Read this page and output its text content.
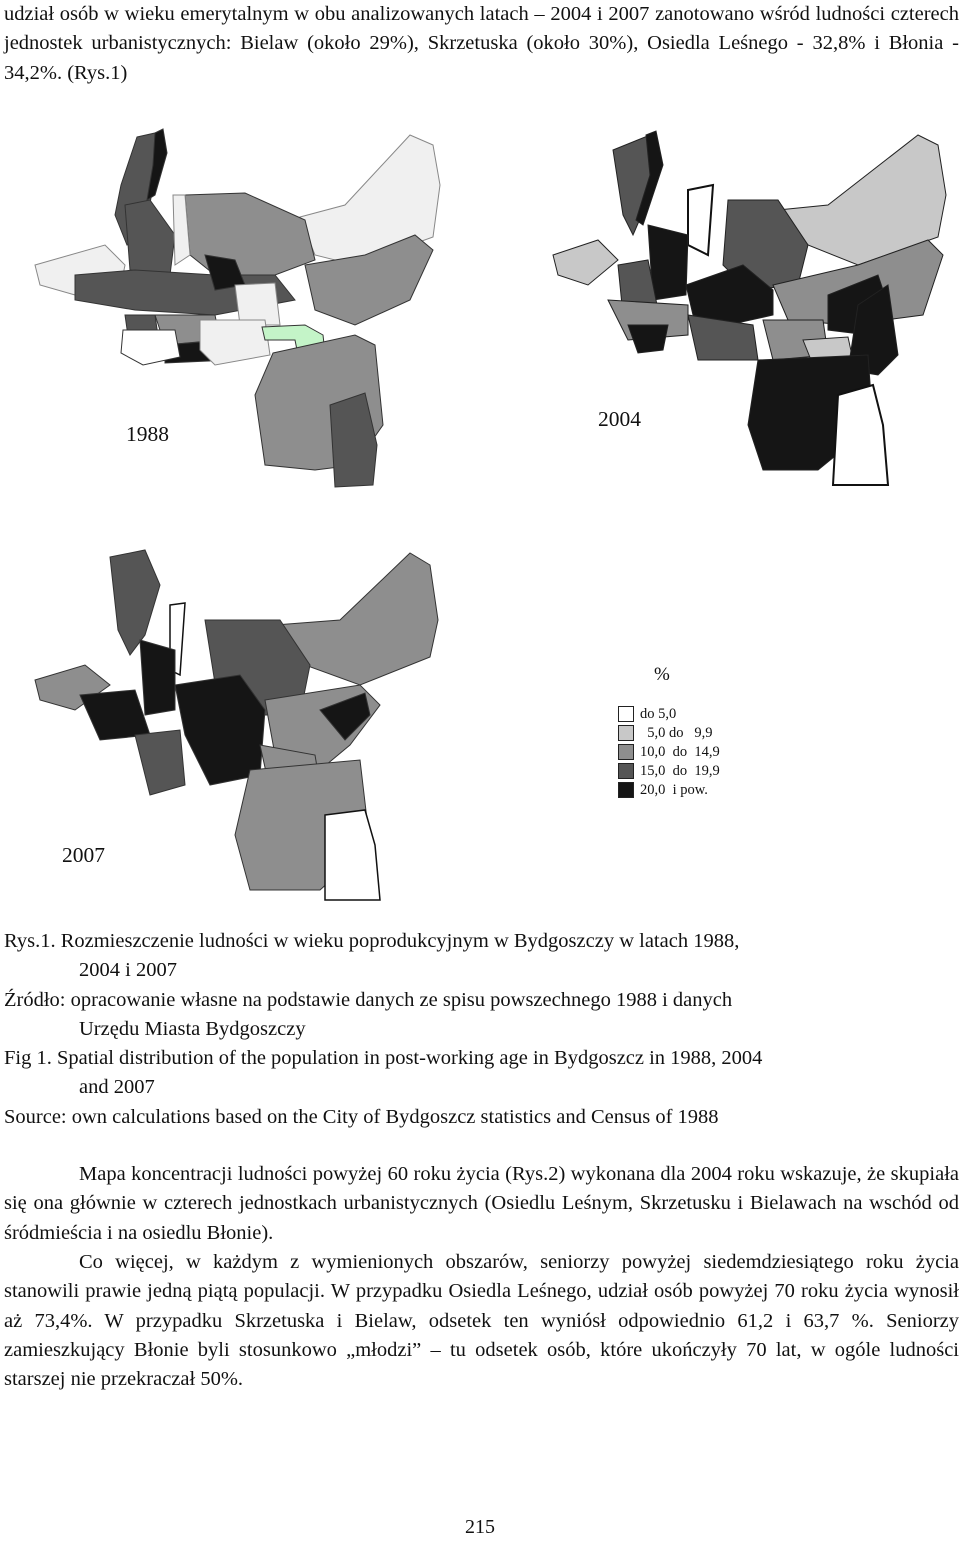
udział osób w wieku emerytalnym w obu analizowanych latach – 2004 i 2007 zanotowano wśród ludności czterech jednostek urbanistycznych: Bielaw (około 29%), Skrzetuska (około 30%), Osiedla Leśnego - 32,8% i Błonia - 34,2%. (Rys.1)
1988
2004
2007
%
do 5,0
5,0 do   9,9
10,0  do  14,9
15,0  do  19,9
20,0  i pow.
Rys.1. Rozmieszczenie ludności w wieku poprodukcyjnym w Bydgoszczy w latach 1988,
2004 i 2007
Źródło: opracowanie własne na podstawie danych ze spisu powszechnego 1988 i danych
Urzędu Miasta Bydgoszczy
Fig 1. Spatial distribution of the population in post-working age in Bydgoszcz in 1988, 2004
and 2007
Source: own calculations based on the City of Bydgoszcz statistics and Census of 1988
Mapa koncentracji ludności powyżej 60 roku życia (Rys.2) wykonana dla 2004 roku wskazuje, że skupiała się ona głównie w czterech jednostkach urbanistycznych (Osiedlu Leśnym, Skrzetusku i Bielawach na wschód od śródmieścia i na osiedlu Błonie).
Co więcej, w każdym z wymienionych obszarów, seniorzy powyżej siedemdziesiątego roku życia stanowili prawie jedną piątą populacji. W przypadku Osiedla Leśnego, udział osób powyżej 70 roku życia wynosił aż 73,4%. W przypadku Skrzetuska i Bielaw, odsetek ten wyniósł odpowiednio 61,2 i 63,7 %. Seniorzy zamieszkujący Błonie byli stosunkowo „młodzi” – tu odsetek osób, które ukończyły 70 lat, w ogóle ludności starszej nie przekraczał 50%.
215
